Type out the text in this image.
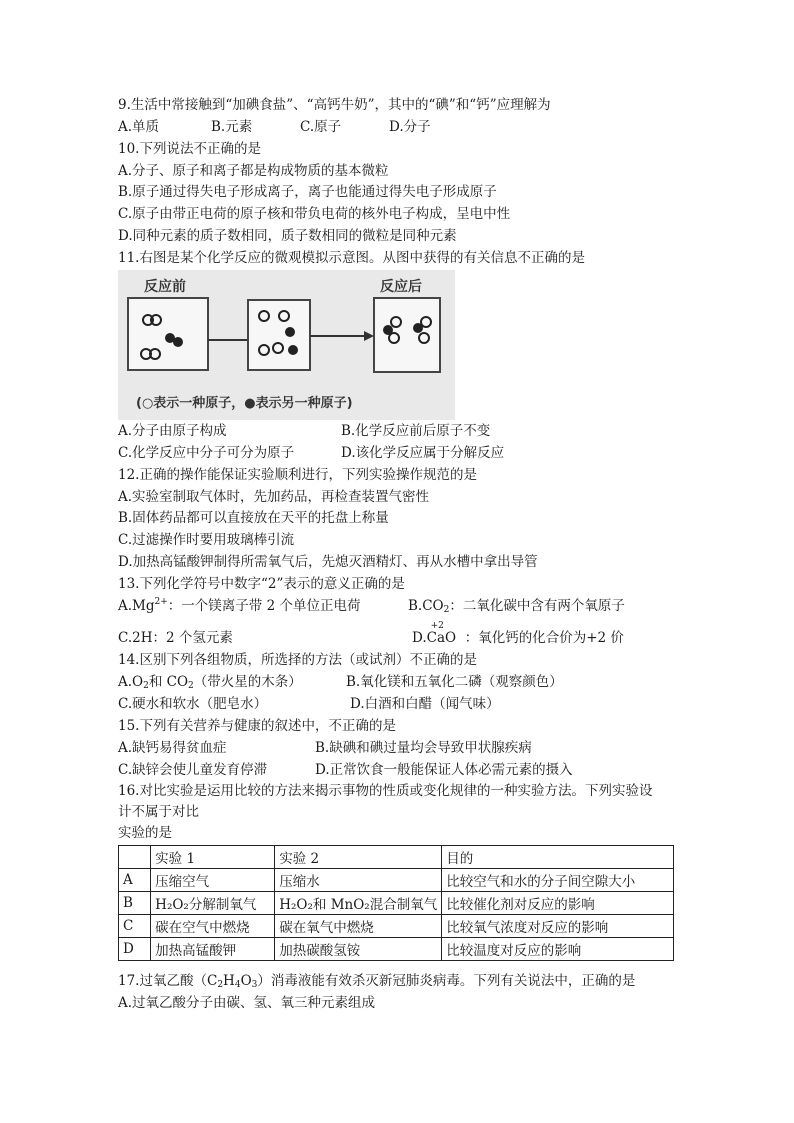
9.生活中常接触到“加碘食盐”、“高钙牛奶”，其中的“碘”和“钙”应理解为
A.单质	B.元素	C.原子	D.分子
10.下列说法不正确的是
A.分子、原子和离子都是构成物质的基本微粒
B.原子通过得失电子形成离子，离子也能通过得失电子形成原子
C.原子由带正电荷的原子核和带负电荷的核外电子构成，呈电中性
D.同种元素的质子数相同，质子数相同的微粒是同种元素
11.右图是某个化学反应的微观模拟示意图。从图中获得的有关信息不正确的是
反应前	反应后
(○表示一种原子，●表示另一种原子)
A.分子由原子构成	B.化学反应前后原子不变
C.化学反应中分子可分为原子	D.该化学反应属于分解反应
12.正确的操作能保证实验顺利进行，下列实验操作规范的是
A.实验室制取气体时，先加药品，再检查装置气密性
B.固体药品都可以直接放在天平的托盘上称量
C.过滤操作时要用玻璃棒引流
D.加热高锰酸钾制得所需氧气后，先熄灭酒精灯、再从水槽中拿出导管
13.下列化学符号中数字“2”表示的意义正确的是
$A.Mg^{2+}$：一个镁离子带 2 个单位正电荷	$B.CO_2$：二氧化碳中含有两个氧原子
C.2H：2 个氢元素	D.
+2
CaO ：氧化钙的化合价为+2 价
14.区别下列各组物质，所选择的方法（或试剂）不正确的是
$A.O_2$和 $CO_2$（带火星的木条）	B.氧化镁和五氧化二磷（观察颜色）
C.硬水和软水（肥皂水）	D.白酒和白醋（闻气味）
15.下列有关营养与健康的叙述中，不正确的是
A.缺钙易得贫血症	B.缺碘和碘过量均会导致甲状腺疾病
C.缺锌会使儿童发育停滞	D.正常饮食一般能保证人体必需元素的摄入
16.对比实验是运用比较的方法来揭示事物的性质或变化规律的一种实验方法。下列实验设
计不属于对比
实验的是
	实验 1	实验 2	目的
A	压缩空气	压缩水	比较空气和水的分子间空隙大小
B	H₂O₂分解制氧气	H₂O₂和 MnO₂混合制氧气	比较催化剂对反应的影响
C	碳在空气中燃烧	碳在氧气中燃烧	比较氧气浓度对反应的影响
D	加热高锰酸钾	加热碳酸氢铵	比较温度对反应的影响
17.过氧乙酸$(C_2H_4O_3)$消毒液能有效杀灭新冠肺炎病毒。下列有关说法中，正确的是
A.过氧乙酸分子由碳、氢、氧三种元素组成
